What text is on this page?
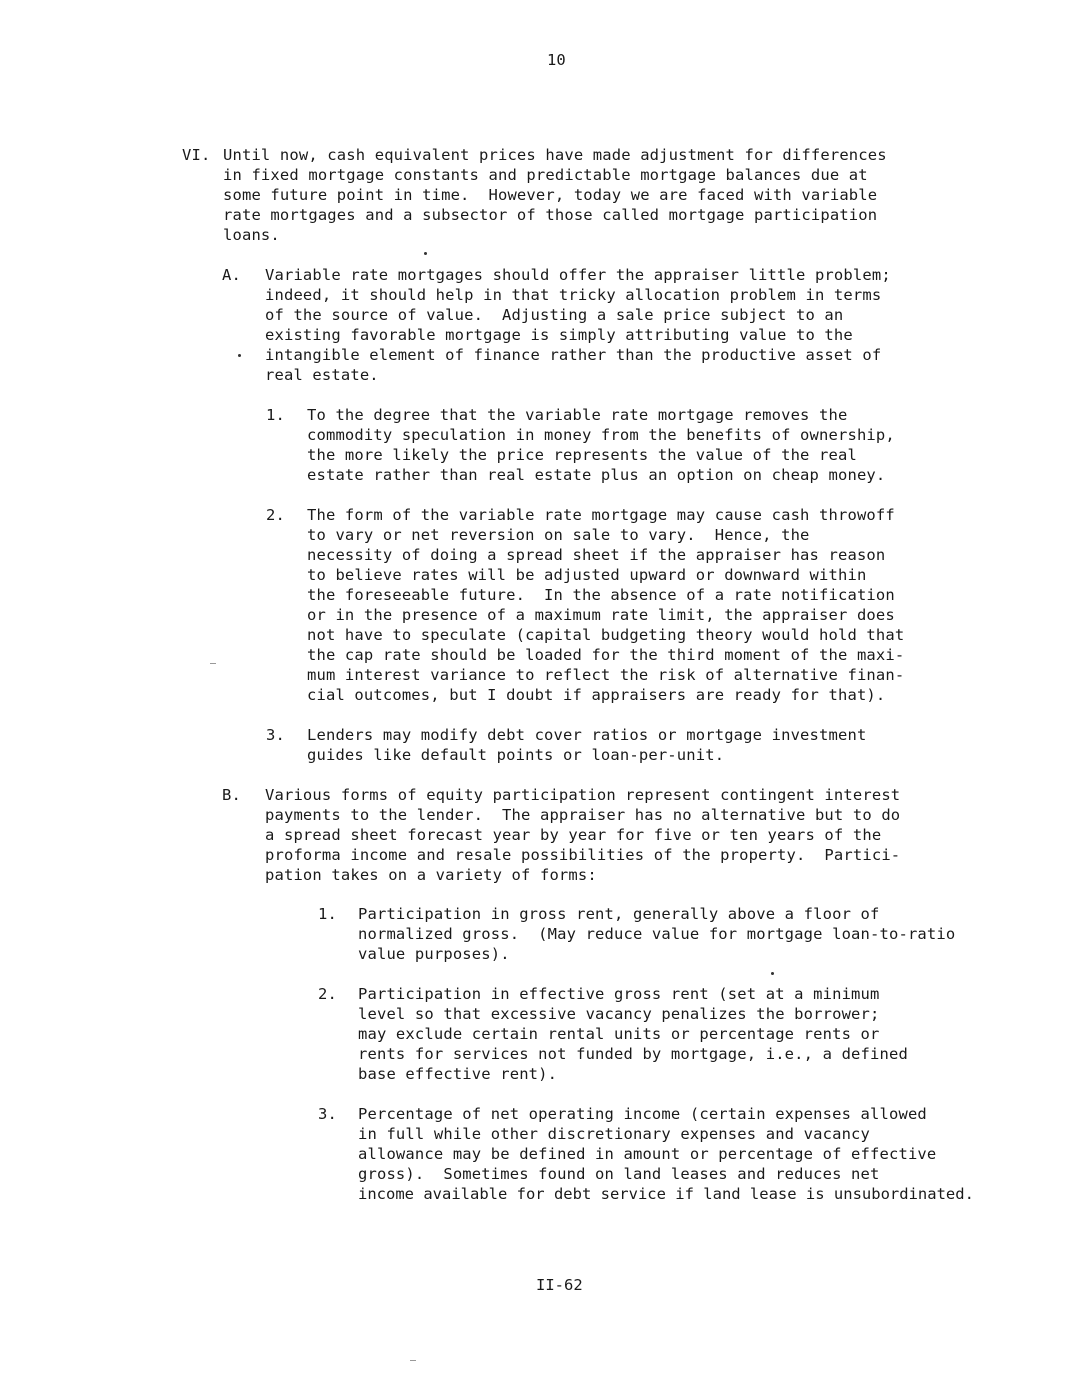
10
VI. Until now, cash equivalent prices have made adjustment for differences
in fixed mortgage constants and predictable mortgage balances due at
some future point in time.  However, today we are faced with variable
rate mortgages and a subsector of those called mortgage participation
loans.
A. Variable rate mortgages should offer the appraiser little problem;
indeed, it should help in that tricky allocation problem in terms
of the source of value.  Adjusting a sale price subject to an
existing favorable mortgage is simply attributing value to the
intangible element of finance rather than the productive asset of
real estate.
1. To the degree that the variable rate mortgage removes the
commodity speculation in money from the benefits of ownership,
the more likely the price represents the value of the real
estate rather than real estate plus an option on cheap money.
2. The form of the variable rate mortgage may cause cash throwoff
to vary or net reversion on sale to vary.  Hence, the
necessity of doing a spread sheet if the appraiser has reason
to believe rates will be adjusted upward or downward within
the foreseeable future.  In the absence of a rate notification
or in the presence of a maximum rate limit, the appraiser does
not have to speculate (capital budgeting theory would hold that
the cap rate should be loaded for the third moment of the maxi-
mum interest variance to reflect the risk of alternative finan-
cial outcomes, but I doubt if appraisers are ready for that).
3. Lenders may modify debt cover ratios or mortgage investment
guides like default points or loan-per-unit.
B. Various forms of equity participation represent contingent interest
payments to the lender.  The appraiser has no alternative but to do
a spread sheet forecast year by year for five or ten years of the
proforma income and resale possibilities of the property.  Partici-
pation takes on a variety of forms:
1. Participation in gross rent, generally above a floor of
normalized gross.  (May reduce value for mortgage loan-to-ratio
value purposes).
2. Participation in effective gross rent (set at a minimum
level so that excessive vacancy penalizes the borrower;
may exclude certain rental units or percentage rents or
rents for services not funded by mortgage, i.e., a defined
base effective rent).
3. Percentage of net operating income (certain expenses allowed
in full while other discretionary expenses and vacancy
allowance may be defined in amount or percentage of effective
gross).  Sometimes found on land leases and reduces net
income available for debt service if land lease is unsubordinated.
II-62
